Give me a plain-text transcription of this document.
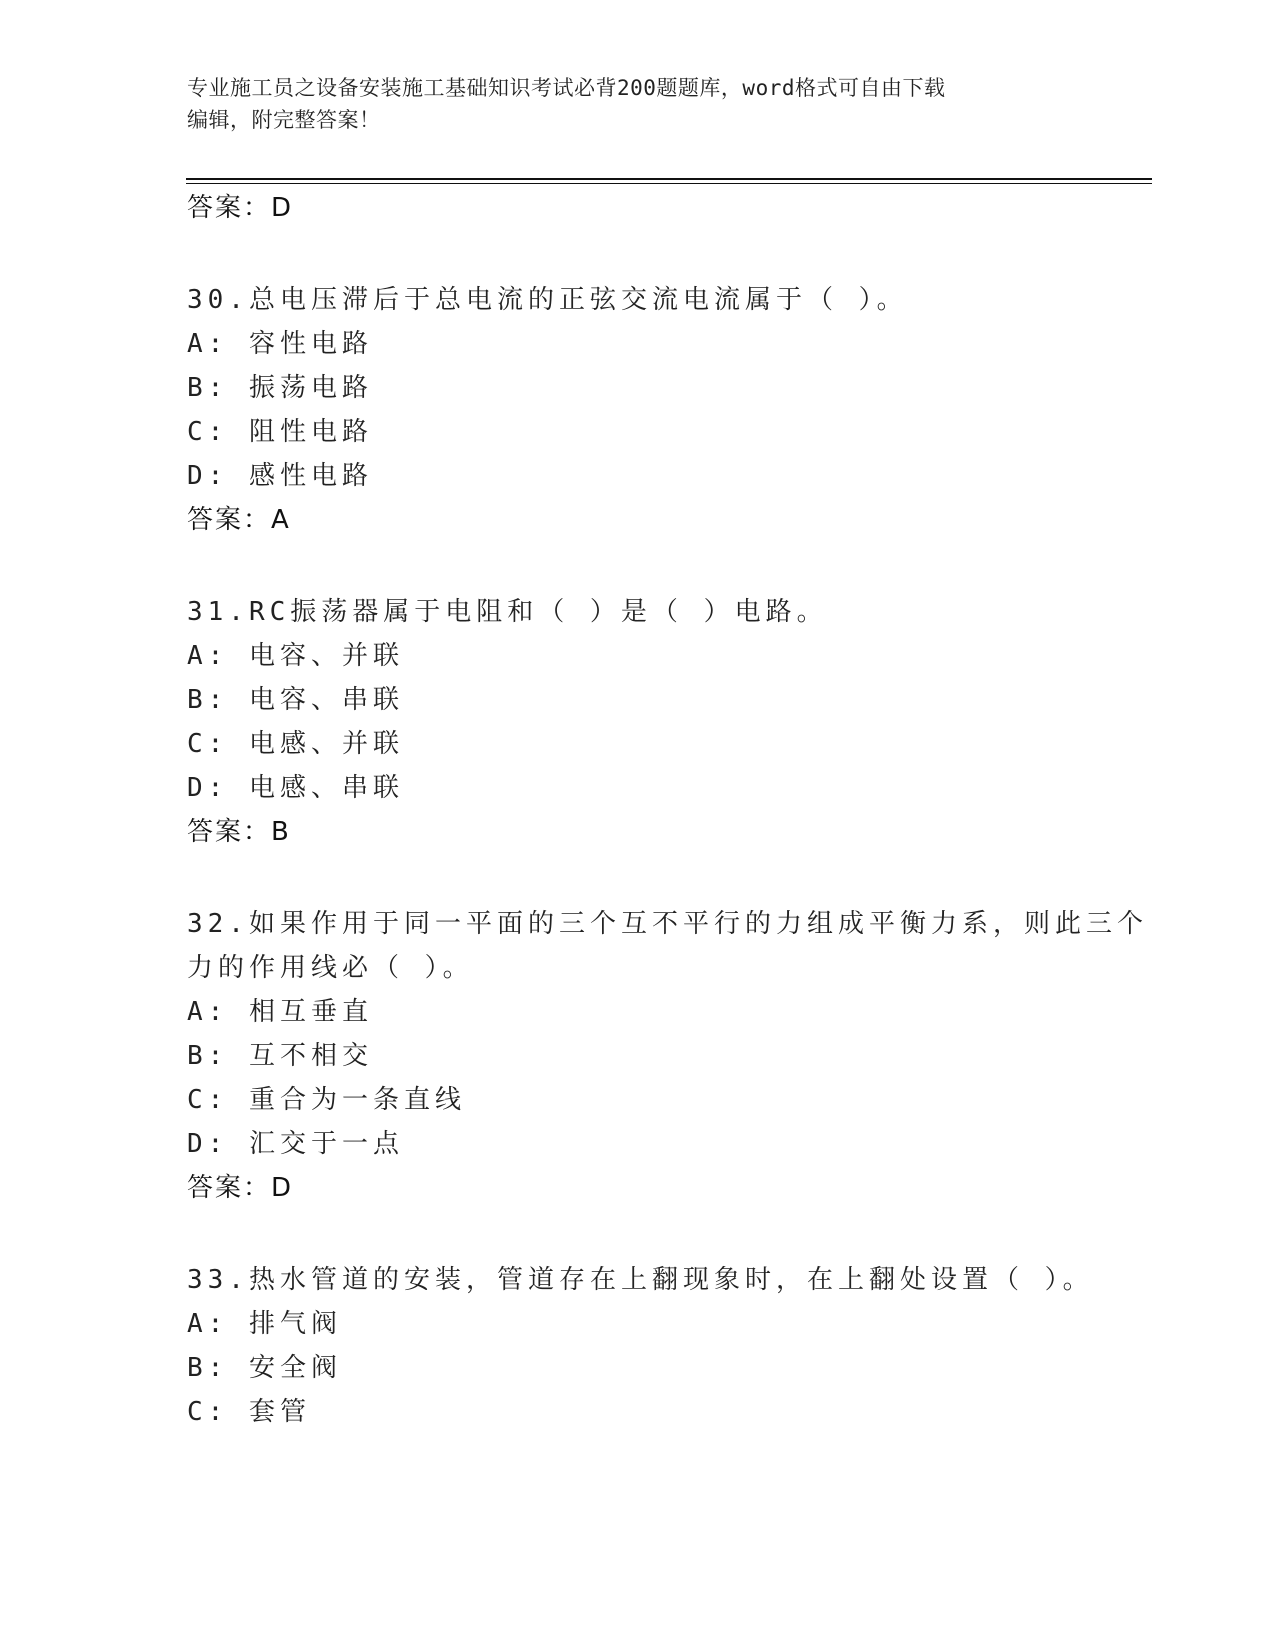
专业施工员之设备安装施工基础知识考试必背200题题库，word格式可自由下载
编辑，附完整答案！
答案：D
30.总电压滞后于总电流的正弦交流电流属于（ ）。
A: 容性电路
B: 振荡电路
C: 阻性电路
D: 感性电路
答案：A
31.RC振荡器属于电阻和（ ）是（ ）电路。
A: 电容、并联
B: 电容、串联
C: 电感、并联
D: 电感、串联
答案：B
32.如果作用于同一平面的三个互不平行的力组成平衡力系，则此三个
力的作用线必（ ）。
A: 相互垂直
B: 互不相交
C: 重合为一条直线
D: 汇交于一点
答案：D
33.热水管道的安装，管道存在上翻现象时，在上翻处设置（ ）。
A: 排气阀
B: 安全阀
C: 套管
